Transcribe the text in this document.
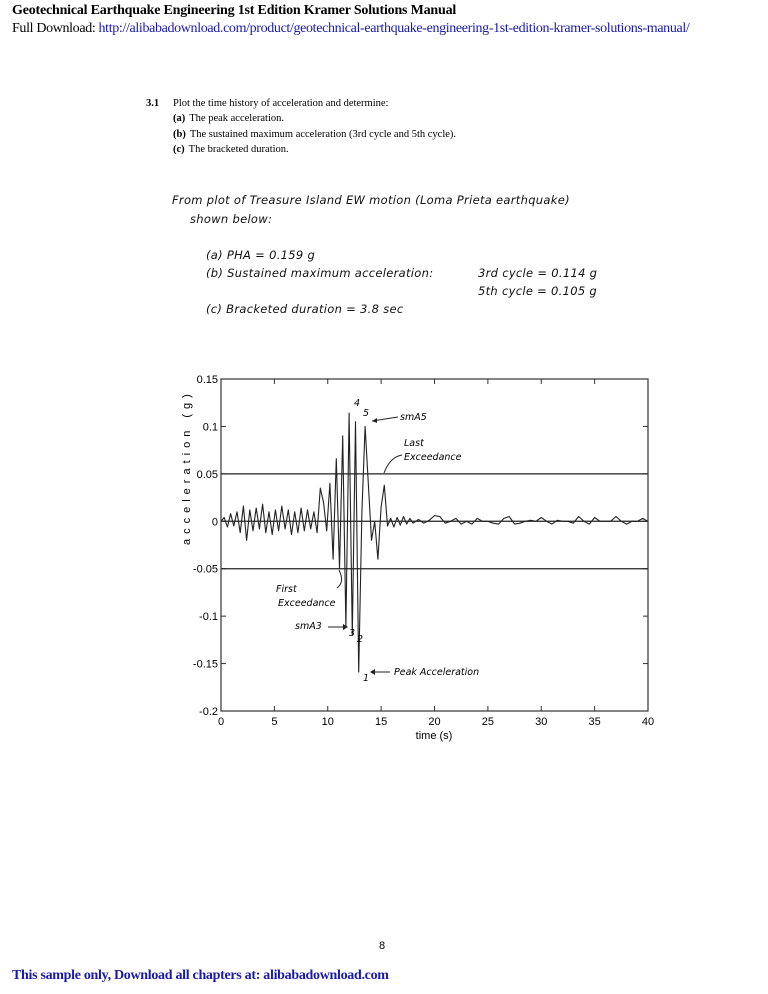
Geotechnical Earthquake Engineering 1st Edition Kramer Solutions Manual
Full Download: http://alibabadownload.com/product/geotechnical-earthquake-engineering-1st-edition-kramer-solutions-manual/
3.1 Plot the time history of acceleration and determine:
(a) The peak acceleration.
(b) The sustained maximum acceleration (3rd cycle and 5th cycle).
(c) The bracketed duration.
From plot of Treasure Island EW motion (Loma Prieta earthquake)
shown below:
(a) PHA = 0.159 g
(b) Sustained maximum acceleration:	3rd cycle = 0.114 g
5th cycle = 0.105 g
(c) Bracketed duration = 3.8 sec
0	5	10	15	20	25	30	35	40
0.15
0.1
0.05
0
-0.05
-0.1
-0.15
-0.2
smA5
Last
Exceedance
First
Exceedance
smA3
Peak Acceleration
1
2
3
4
5
acceleration (g)
time (s)
8
This sample only, Download all chapters at: alibabadownload.com
